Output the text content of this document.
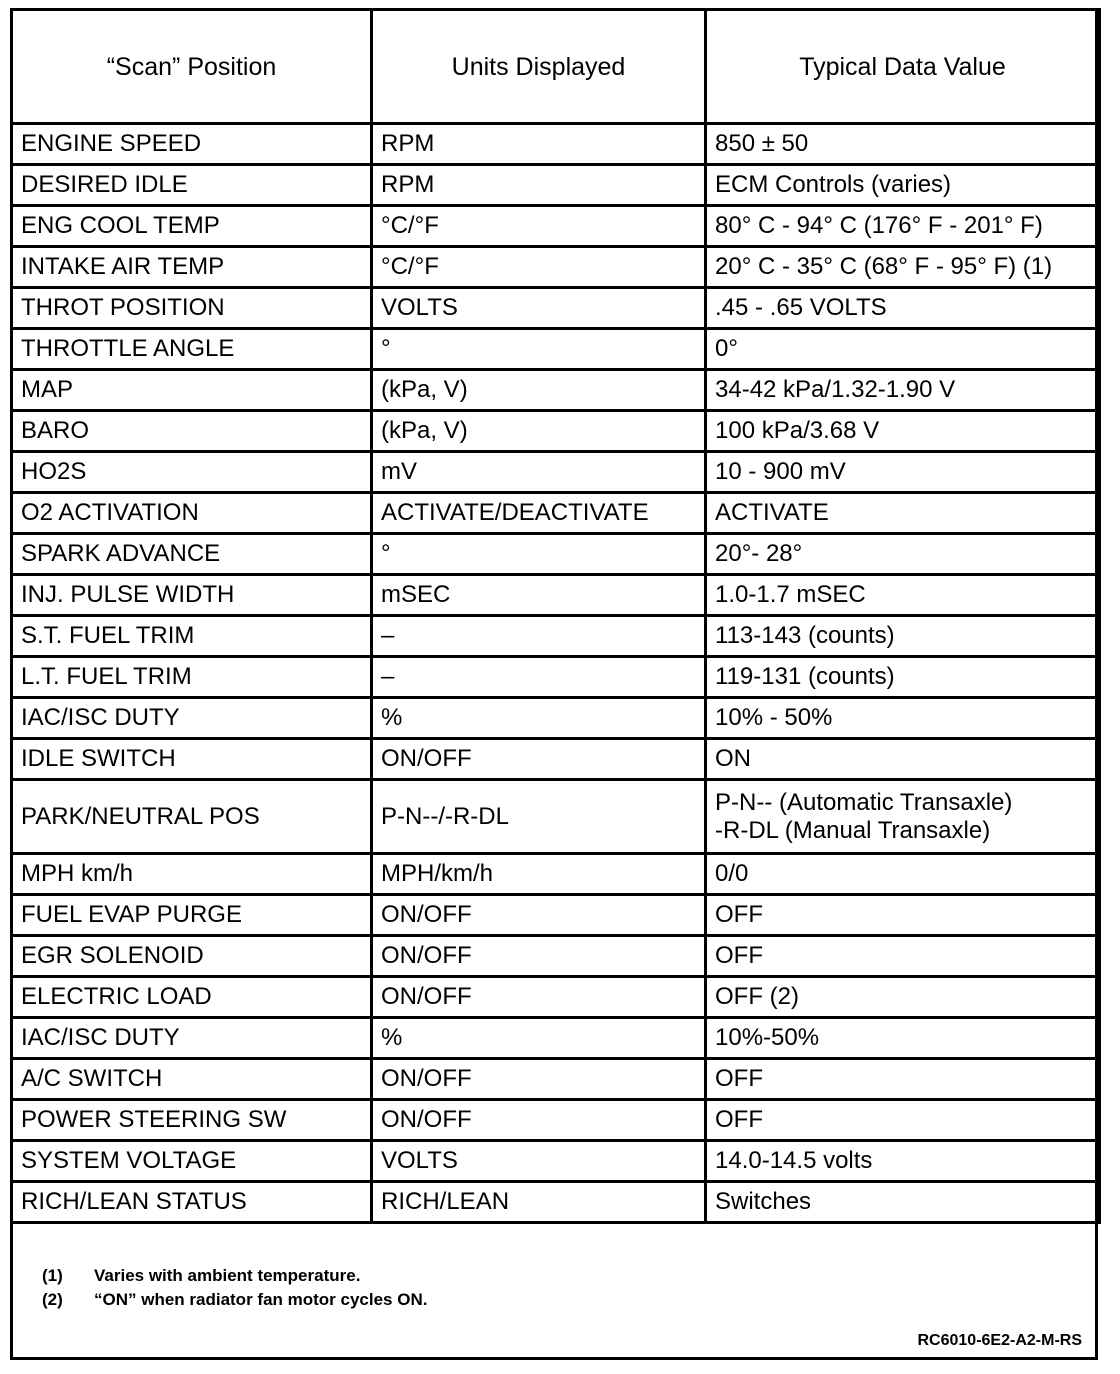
“Scan” Position	Units Displayed	Typical Data Value
ENGINE SPEED	RPM	850 ± 50
DESIRED IDLE	RPM	ECM Controls (varies)
ENG COOL TEMP	°C/°F	80° C - 94° C (176° F - 201° F)
INTAKE AIR TEMP	°C/°F	20° C - 35° C (68° F - 95° F) (1)
THROT POSITION	VOLTS	.45 - .65 VOLTS
THROTTLE ANGLE	°	0°
MAP	(kPa, V)	34-42 kPa/1.32-1.90 V
BARO	(kPa, V)	100 kPa/3.68 V
HO2S	mV	10 - 900 mV
O2 ACTIVATION	ACTIVATE/DEACTIVATE	ACTIVATE
SPARK ADVANCE	°	20°- 28°
INJ. PULSE WIDTH	mSEC	1.0-1.7 mSEC
S.T. FUEL TRIM	–	113-143 (counts)
L.T. FUEL TRIM	–	119-131 (counts)
IAC/ISC DUTY	%	10% - 50%
IDLE SWITCH	ON/OFF	ON
PARK/NEUTRAL POS	P-N--/-R-DL	P-N-- (Automatic Transaxle)
-R-DL (Manual Transaxle)

MPH km/h	MPH/km/h	0/0
FUEL EVAP PURGE	ON/OFF	OFF
EGR SOLENOID	ON/OFF	OFF
ELECTRIC LOAD	ON/OFF	OFF (2)
IAC/ISC DUTY	%	10%-50%
A/C SWITCH	ON/OFF	OFF
POWER STEERING SW	ON/OFF	OFF
SYSTEM VOLTAGE	VOLTS	14.0-14.5 volts
RICH/LEAN STATUS	RICH/LEAN	Switches
(1) Varies with ambient temperature.
(2) “ON” when radiator fan motor cycles ON.
RC6010-6E2-A2-M-RS
